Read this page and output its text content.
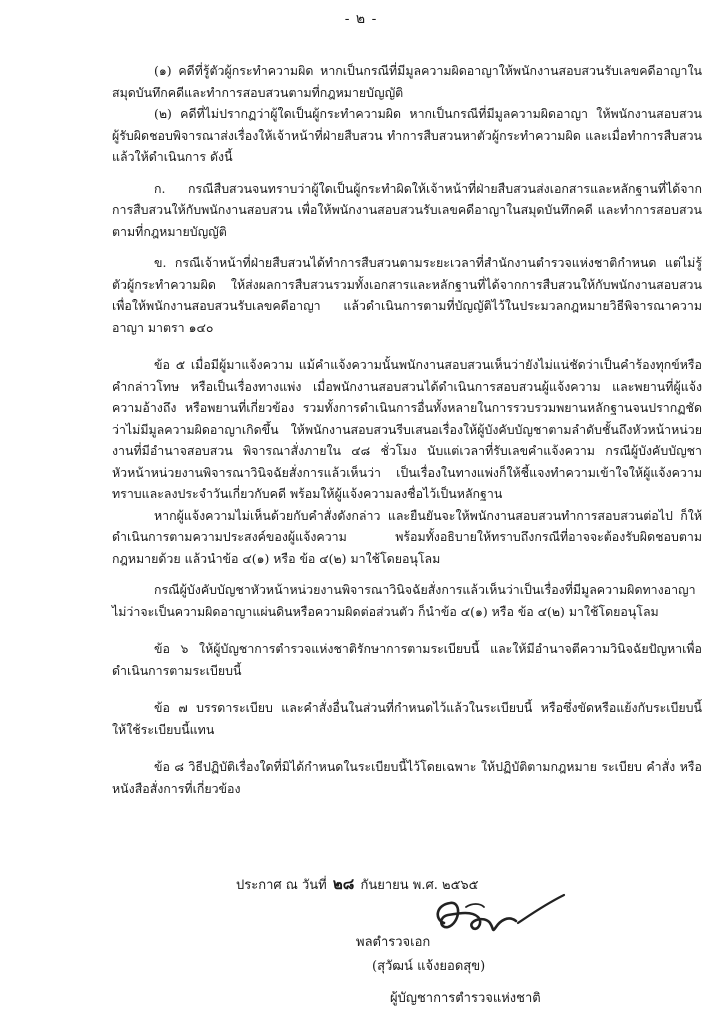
- ๒ -

(๑) คดีที่รู้ตัวผู้กระทำความผิด หากเป็นกรณีที่มีมูลความผิดอาญาให้พนักงานสอบสวนรับเลขคดีอาญาในสมุดบันทึกคดีและทำการสอบสวนตามที่กฎหมายบัญญัติ

(๒) คดีที่ไม่ปรากฏว่าผู้ใดเป็นผู้กระทำความผิด หากเป็นกรณีที่มีมูลความผิดอาญา ให้พนักงานสอบสวนผู้รับผิดชอบพิจารณาส่งเรื่องให้เจ้าหน้าที่ฝ่ายสืบสวน ทำการสืบสวนหาตัวผู้กระทำความผิด และเมื่อทำการสืบสวนแล้วให้ดำเนินการ ดังนี้

ก. กรณีสืบสวนจนทราบว่าผู้ใดเป็นผู้กระทำผิดให้เจ้าหน้าที่ฝ่ายสืบสวนส่งเอกสารและหลักฐานที่ได้จากการสืบสวนให้กับพนักงานสอบสวน เพื่อให้พนักงานสอบสวนรับเลขคดีอาญาในสมุดบันทึกคดี และทำการสอบสวนตามที่กฎหมายบัญญัติ

ข. กรณีเจ้าหน้าที่ฝ่ายสืบสวนได้ทำการสืบสวนตามระยะเวลาที่สำนักงานตำรวจแห่งชาติกำหนด แต่ไม่รู้ตัวผู้กระทำความผิด ให้ส่งผลการสืบสวนรวมทั้งเอกสารและหลักฐานที่ได้จากการสืบสวนให้กับพนักงานสอบสวน เพื่อให้พนักงานสอบสวนรับเลขคดีอาญา แล้วดำเนินการตามที่บัญญัติไว้ในประมวลกฎหมายวิธีพิจารณาความอาญา มาตรา ๑๔๐

ข้อ ๕ เมื่อมีผู้มาแจ้งความ แม้คำแจ้งความนั้นพนักงานสอบสวนเห็นว่ายังไม่แน่ชัดว่าเป็นคำร้องทุกข์หรือคำกล่าวโทษ หรือเป็นเรื่องทางแพ่ง เมื่อพนักงานสอบสวนได้ดำเนินการสอบสวนผู้แจ้งความ และพยานที่ผู้แจ้งความอ้างถึง หรือพยานที่เกี่ยวข้อง รวมทั้งการดำเนินการอื่นทั้งหลายในการรวบรวมพยานหลักฐานจนปรากฏชัดว่าไม่มีมูลความผิดอาญาเกิดขึ้น ให้พนักงานสอบสวนรีบเสนอเรื่องให้ผู้บังคับบัญชาตามลำดับชั้นถึงหัวหน้าหน่วยงานที่มีอำนาจสอบสวน พิจารณาสั่งภายใน ๔๘ ชั่วโมง นับแต่เวลาที่รับเลขคำแจ้งความ กรณีผู้บังคับบัญชาหัวหน้าหน่วยงานพิจารณาวินิจฉัยสั่งการแล้วเห็นว่า เป็นเรื่องในทางแพ่งก็ให้ชี้แจงทำความเข้าใจให้ผู้แจ้งความทราบและลงประจำวันเกี่ยวกับคดี พร้อมให้ผู้แจ้งความลงชื่อไว้เป็นหลักฐาน

หากผู้แจ้งความไม่เห็นด้วยกับคำสั่งดังกล่าว และยืนยันจะให้พนักงานสอบสวนทำการสอบสวนต่อไป ก็ให้ดำเนินการตามความประสงค์ของผู้แจ้งความ พร้อมทั้งอธิบายให้ทราบถึงกรณีที่อาจจะต้องรับผิดชอบตามกฎหมายด้วย แล้วนำข้อ ๔(๑) หรือ ข้อ ๔(๒) มาใช้โดยอนุโลม

กรณีผู้บังคับบัญชาหัวหน้าหน่วยงานพิจารณาวินิจฉัยสั่งการแล้วเห็นว่าเป็นเรื่องที่มีมูลความผิดทางอาญา ไม่ว่าจะเป็นความผิดอาญาแผ่นดินหรือความผิดต่อส่วนตัว ก็นำข้อ ๔(๑) หรือ ข้อ ๔(๒) มาใช้โดยอนุโลม

ข้อ ๖ ให้ผู้บัญชาการตำรวจแห่งชาติรักษาการตามระเบียบนี้ และให้มีอำนาจตีความวินิจฉัยปัญหาเพื่อดำเนินการตามระเบียบนี้

ข้อ ๗ บรรดาระเบียบ และคำสั่งอื่นในส่วนที่กำหนดไว้แล้วในระเบียบนี้ หรือซึ่งขัดหรือแย้งกับระเบียบนี้ ให้ใช้ระเบียบนี้แทน

ข้อ ๘ วิธีปฏิบัติเรื่องใดที่มิได้กำหนดในระเบียบนี้ไว้โดยเฉพาะ ให้ปฏิบัติตามกฎหมาย ระเบียบ คำสั่ง หรือหนังสือสั่งการที่เกี่ยวข้อง

ประกาศ ณ วันที่ ๒๘ กันยายน พ.ศ. ๒๕๖๕
พลตำรวจเอก
(สุวัฒน์ แจ้งยอดสุข)
ผู้บัญชาการตำรวจแห่งชาติ
